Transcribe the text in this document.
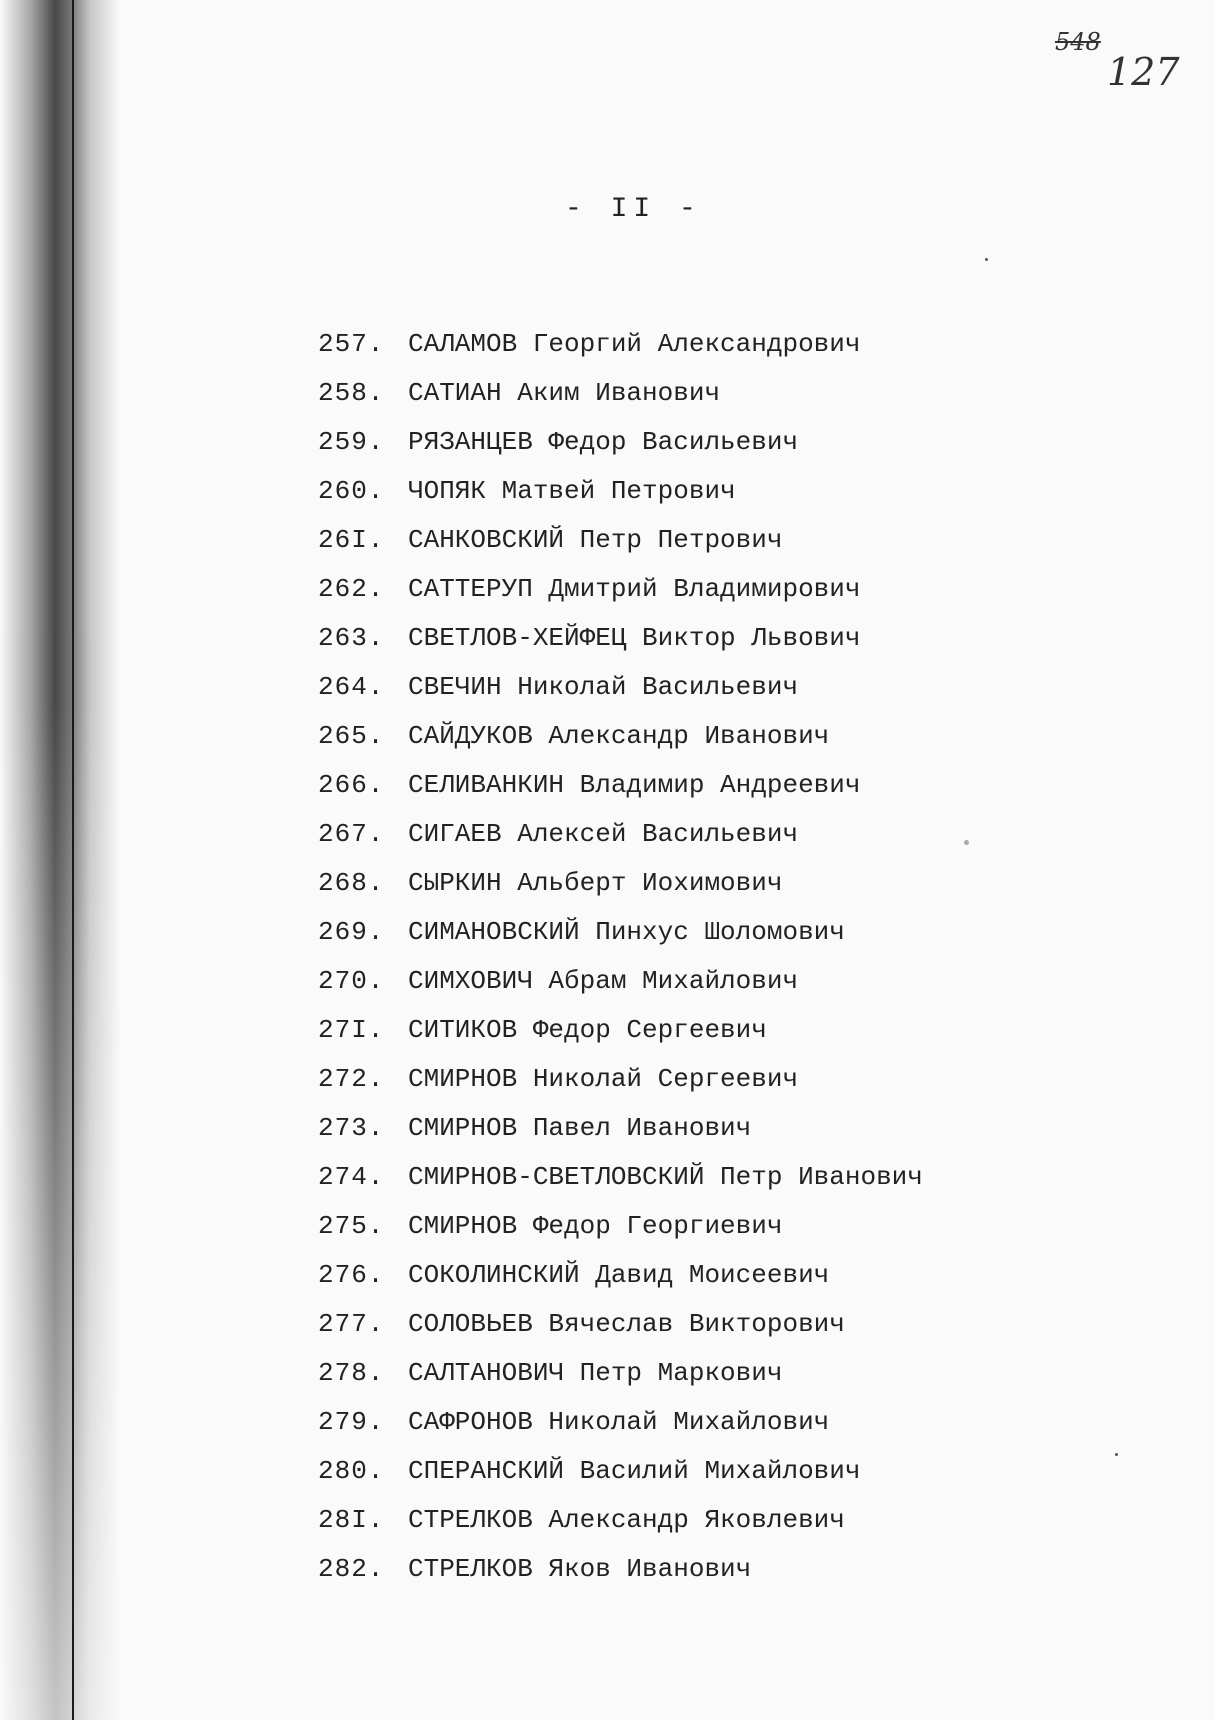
548
127
- II -
257. САЛАМОВ Георгий Александрович
258. САТИАН Аким Иванович
259. РЯЗАНЦЕВ Федор Васильевич
260. ЧОПЯК Матвей Петрович
26I. САНКОВСКИЙ Петр Петрович
262. САТТЕРУП Дмитрий Владимирович
263. СВЕТЛОВ-ХЕЙФЕЦ Виктор Львович
264. СВЕЧИН Николай Васильевич
265. САЙДУКОВ Александр Иванович
266. СЕЛИВАНКИН Владимир Андреевич
267. СИГАЕВ Алексей Васильевич
268. СЫРКИН Альберт Иохимович
269. СИМАНОВСКИЙ Пинхус Шоломович
270. СИМХОВИЧ Абрам Михайлович
27I. СИТИКОВ Федор Сергеевич
272. СМИРНОВ Николай Сергеевич
273. СМИРНОВ Павел Иванович
274. СМИРНОВ-СВЕТЛОВСКИЙ Петр Иванович
275. СМИРНОВ Федор Георгиевич
276. СОКОЛИНСКИЙ Давид Моисеевич
277. СОЛОВЬЕВ Вячеслав Викторович
278. САЛТАНОВИЧ Петр Маркович
279. САФРОНОВ Николай Михайлович
280. СПЕРАНСКИЙ Василий Михайлович
28I. СТРЕЛКОВ Александр Яковлевич
282. СТРЕЛКОВ Яков Иванович
